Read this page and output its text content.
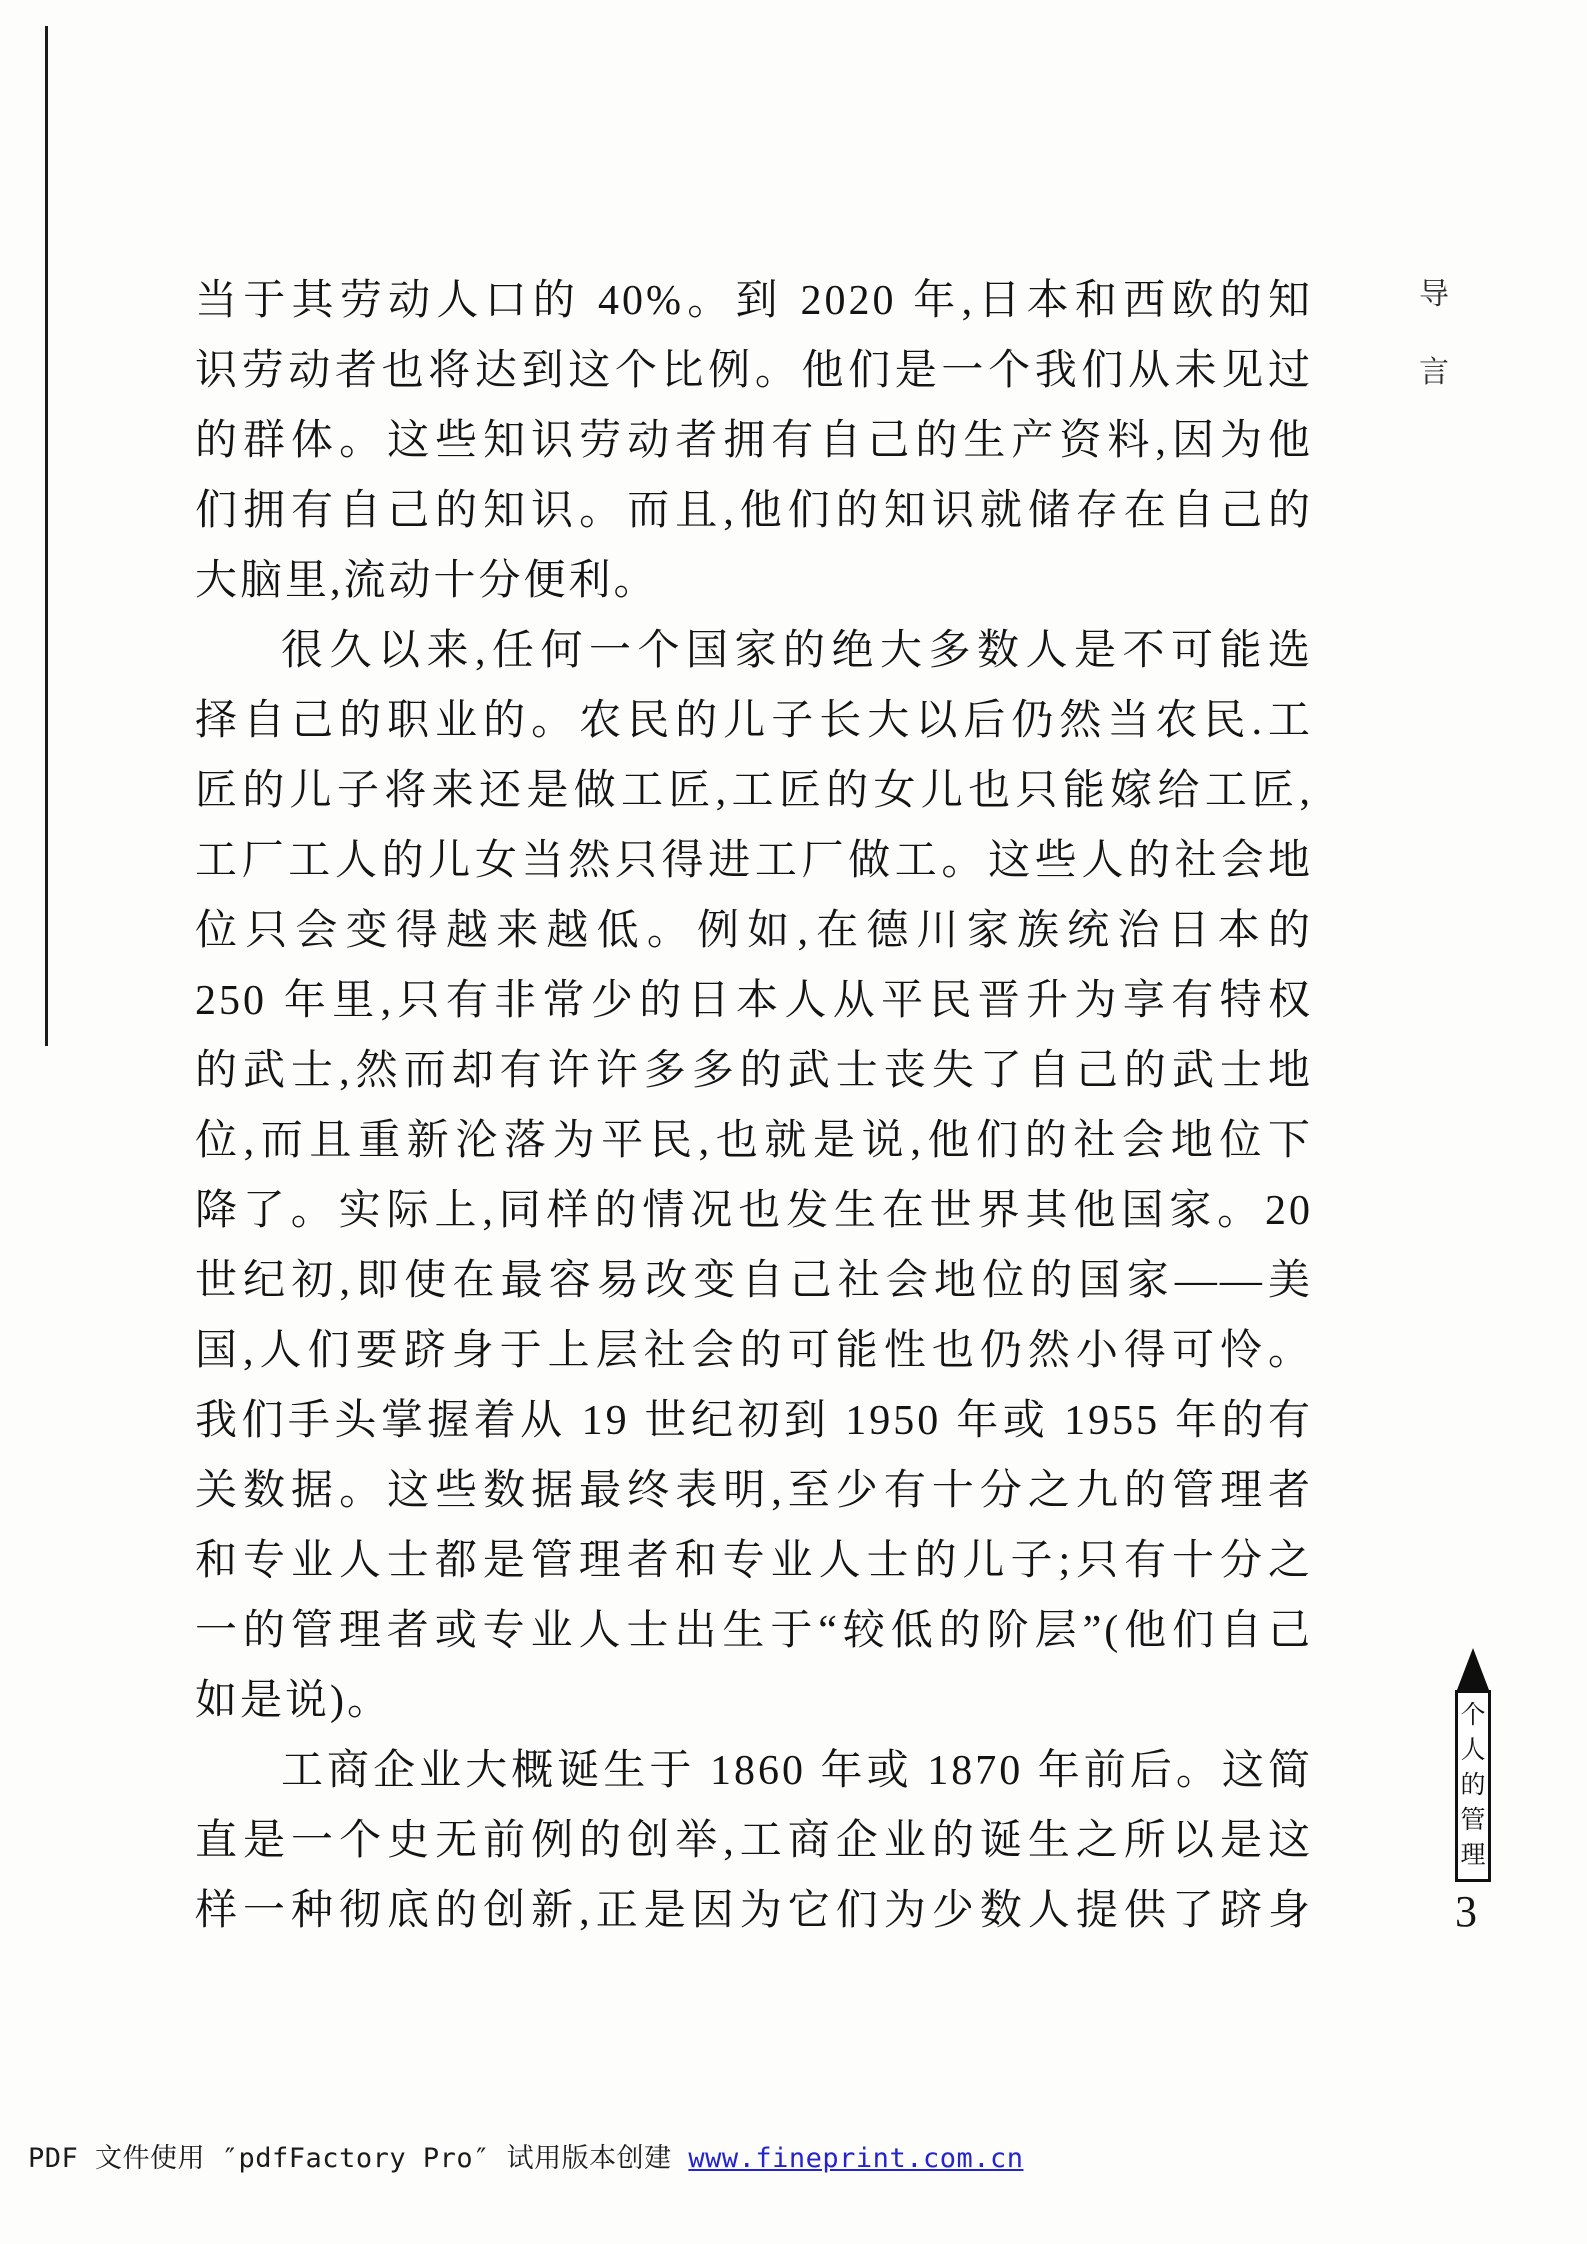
当于其劳动人口的 40%。到 2020 年,日本和西欧的知
识劳动者也将达到这个比例。他们是一个我们从未见过
的群体。这些知识劳动者拥有自己的生产资料,因为他
们拥有自己的知识。而且,他们的知识就储存在自己的
大脑里,流动十分便利。
很久以来,任何一个国家的绝大多数人是不可能选
择自己的职业的。农民的儿子长大以后仍然当农民.工
匠的儿子将来还是做工匠,工匠的女儿也只能嫁给工匠,
工厂工人的儿女当然只得进工厂做工。这些人的社会地
位只会变得越来越低。例如,在德川家族统治日本的
250 年里,只有非常少的日本人从平民晋升为享有特权
的武士,然而却有许许多多的武士丧失了自己的武士地
位,而且重新沦落为平民,也就是说,他们的社会地位下
降了。实际上,同样的情况也发生在世界其他国家。20
世纪初,即使在最容易改变自己社会地位的国家——美
国,人们要跻身于上层社会的可能性也仍然小得可怜。
我们手头掌握着从 19 世纪初到 1950 年或 1955 年的有
关数据。这些数据最终表明,至少有十分之九的管理者
和专业人士都是管理者和专业人士的儿子;只有十分之
一的管理者或专业人士出生于“较低的阶层”(他们自己
如是说)。
工商企业大概诞生于 1860 年或 1870 年前后。这简
直是一个史无前例的创举,工商企业的诞生之所以是这
样一种彻底的创新,正是因为它们为少数人提供了跻身
导言
个人的管理
3
PDF 文件使用 ″pdfFactory Pro″ 试用版本创建 www.fineprint.com.cn
